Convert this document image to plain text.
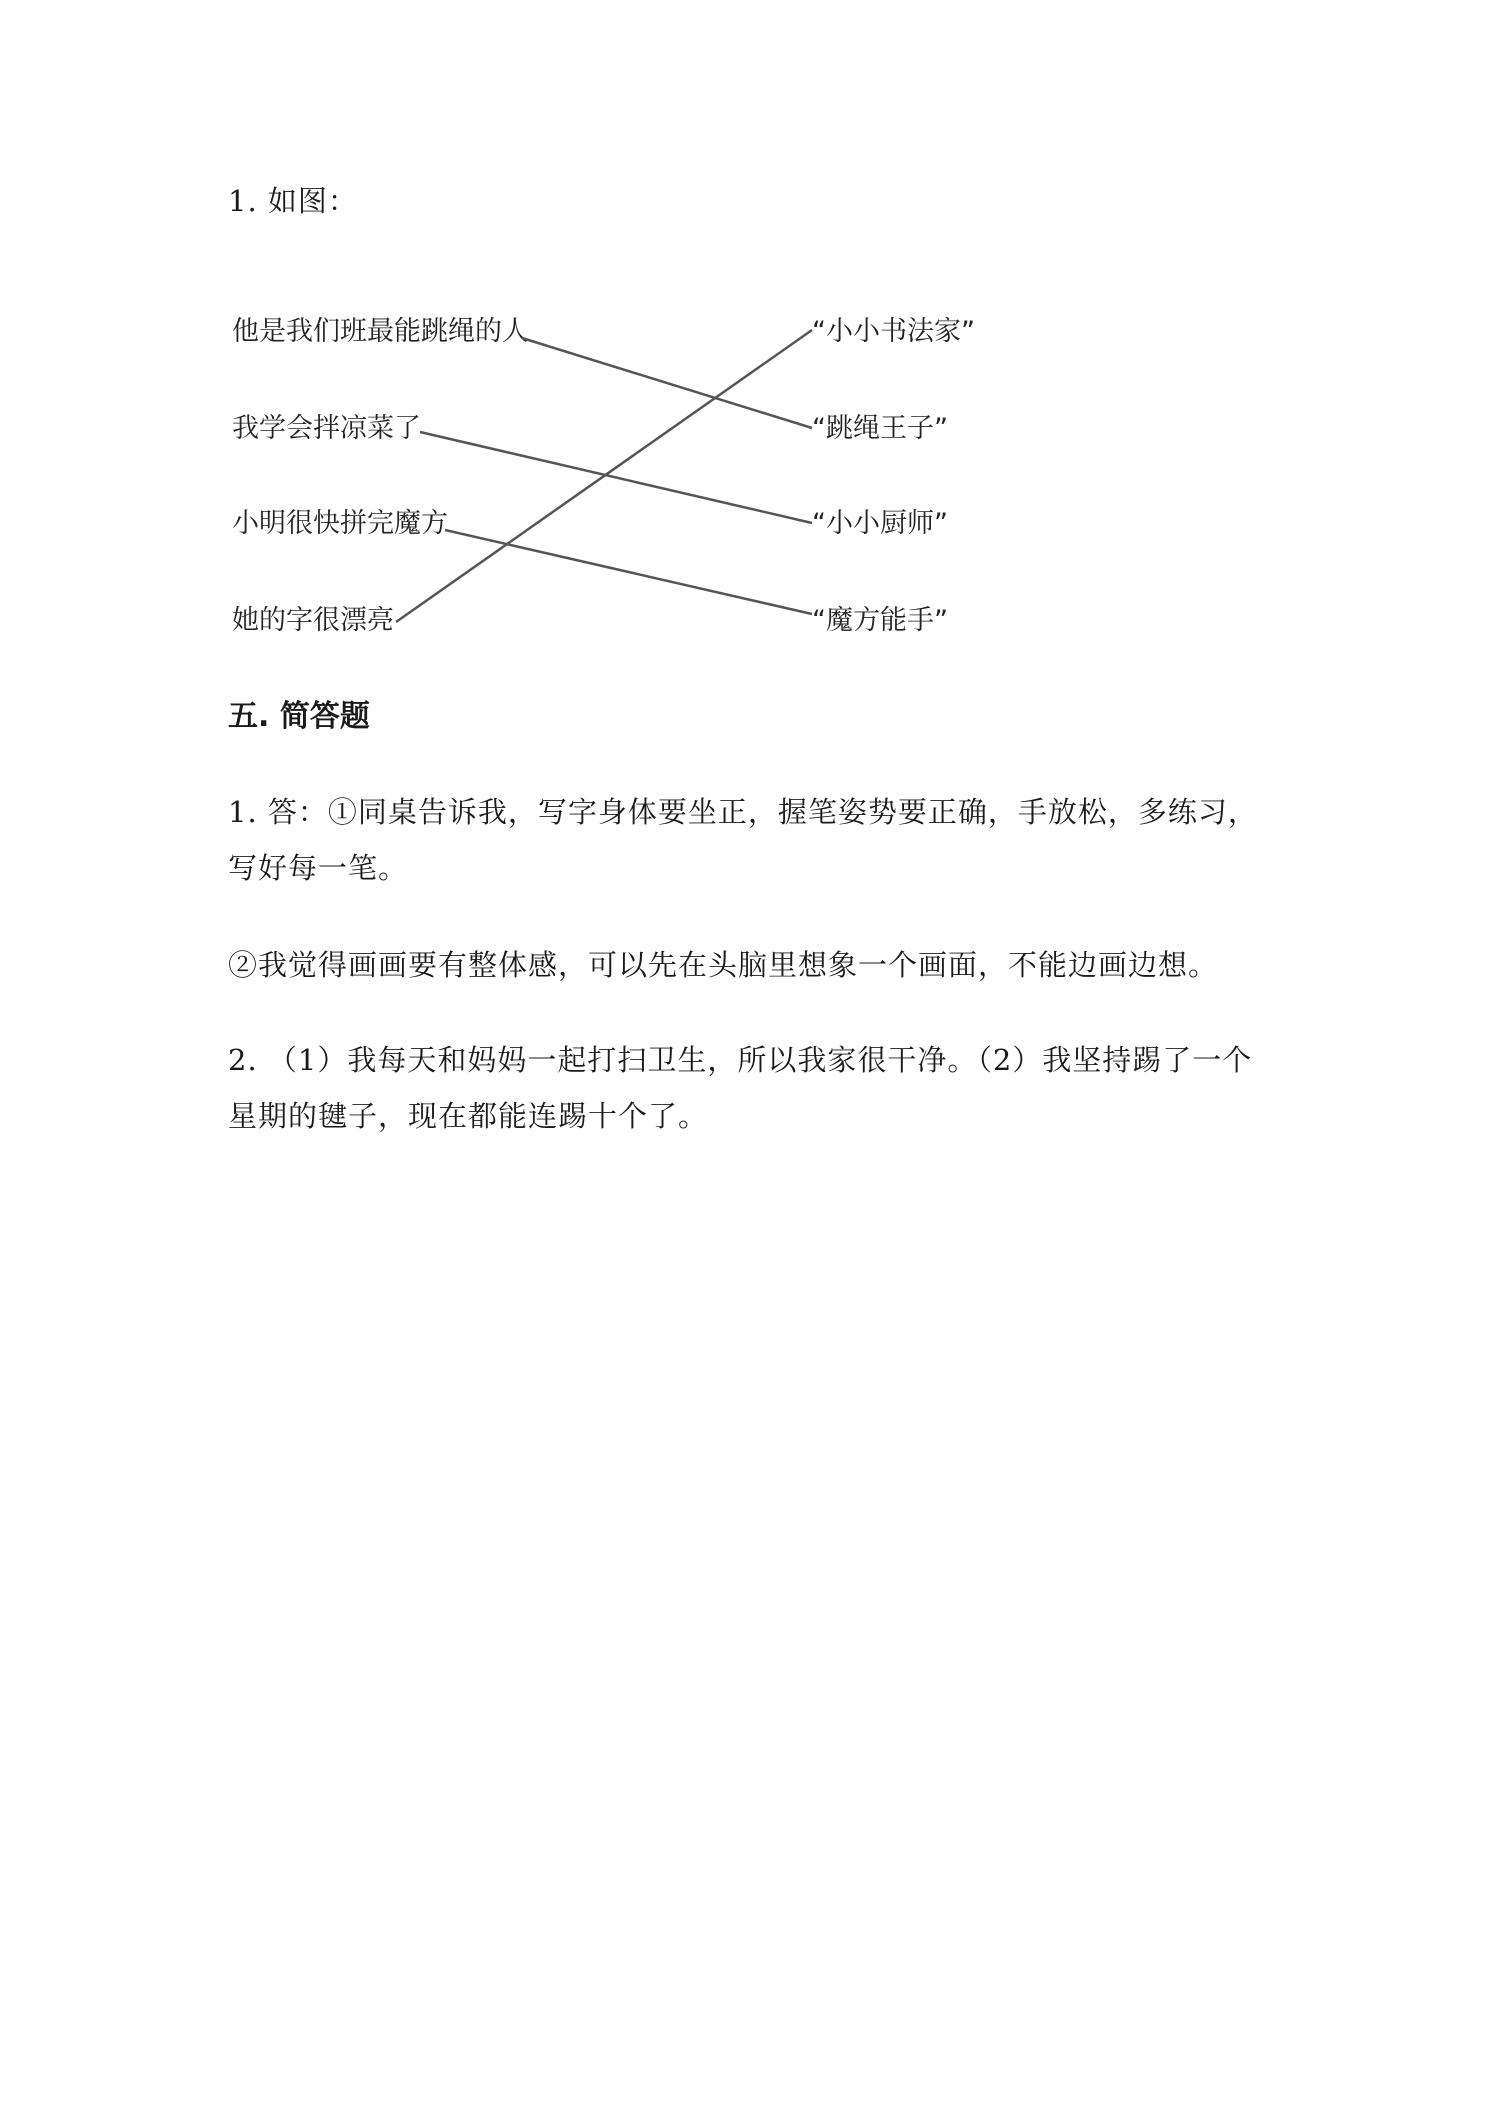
1. 如图：
他是我们班最能跳绳的人
我学会拌凉菜了
小明很快拼完魔方
她的字很漂亮
“小小书法家”
“跳绳王子”
“小小厨师”
“魔方能手”
五. 简答题
1. 答：①同桌告诉我，写字身体要坐正，握笔姿势要正确，手放松，多练习，
写好每一笔。
②我觉得画画要有整体感，可以先在头脑里想象一个画面，不能边画边想。
2. （1）我每天和妈妈一起打扫卫生，所以我家很干净。（2）我坚持踢了一个
星期的毽子，现在都能连踢十个了。
